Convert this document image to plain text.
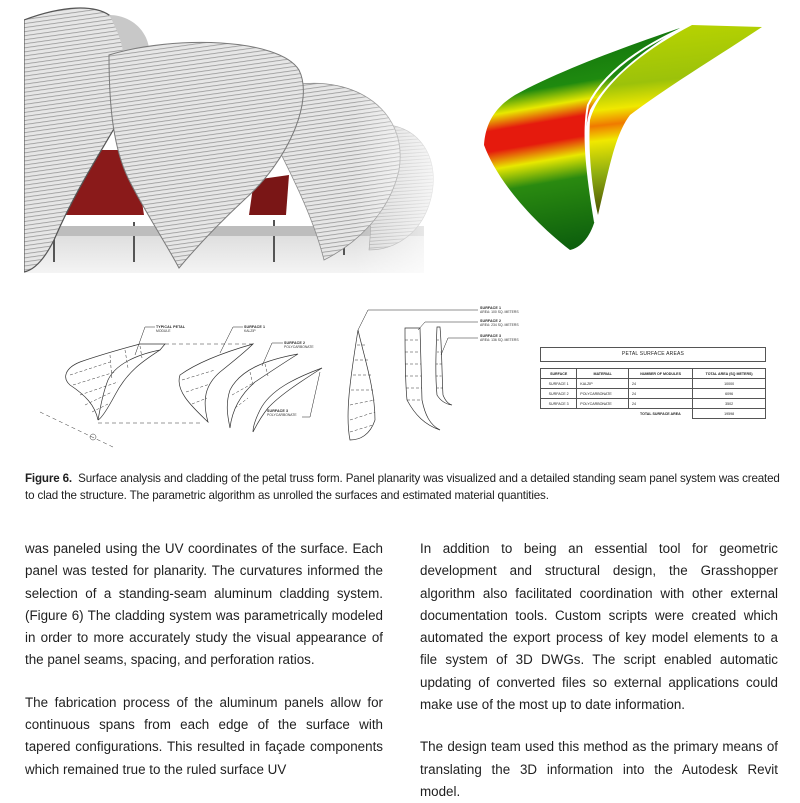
TYPICAL PETAL
MODULE
SURFACE 1
KALZIP
SURFACE 2
POLYCARBONATE
SURFACE 3
POLYCARBONATE
SURFACE 1
AREA: 100 SQ. METERS
SURFACE 2
AREA: 234 SQ. METERS
SURFACE 3
AREA: 136 SQ. METERS
PETAL SURFACE AREAS
SURFACE	MATERIAL	NUMBER OF MODULES	TOTAL AREA (SQ METERS)
SURFACE 1	KALZIP	24	10000
SURFACE 2	POLYCARBONATE	24	6096
SURFACE 3	POLYCARBONATE	24	3502
		TOTAL SURFACE AREA	19598
Figure 6. Surface analysis and cladding of the petal truss form. Panel planarity was visualized and a detailed standing seam panel system was created to clad the structure. The parametric algorithm as unrolled the surfaces and estimated material quantities.

was paneled using the UV coordinates of the surface. Each panel was tested for planarity. The curvatures informed the selection of a standing-seam aluminum cladding system. (Figure 6) The cladding system was parametrically modeled in order to more accurately study the visual appearance of the panel seams, spacing, and perforation ratios.

The fabrication process of the aluminum panels allow for continuous spans from each edge of the surface with tapered configurations. This resulted in façade components which remained true to the ruled surface UV

In addition to being an essential tool for geometric development and structural design, the Grasshopper algorithm also facilitated coordination with other external documentation tools. Custom scripts were created which automated the export process of key model elements to a file system of 3D DWGs. The script enabled automatic updating of converted files so external applications could make use of the most up to date information.

The design team used this method as the primary means of translating the 3D information into the Autodesk Revit model.
